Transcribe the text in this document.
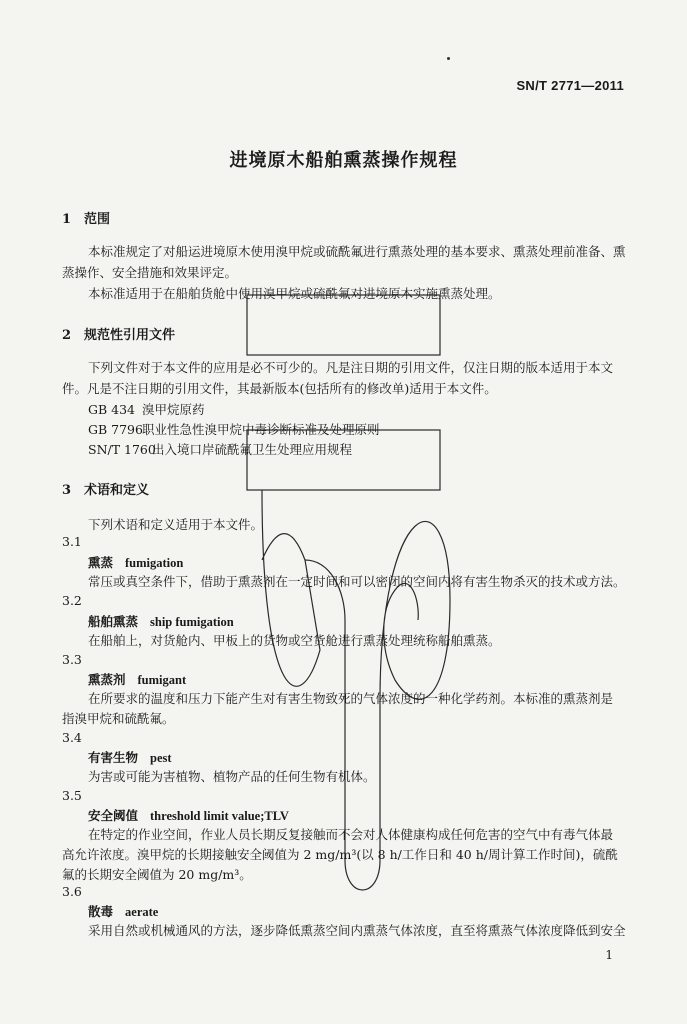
SN/T 2771—2011
进境原木船舶熏蒸操作规程
1 范围
本标准规定了对船运进境原木使用溴甲烷或硫酰氟进行熏蒸处理的基本要求、熏蒸处理前准备、熏
蒸操作、安全措施和效果评定。
本标准适用于在船舶货舱中使用溴甲烷或硫酰氟对进境原木实施熏蒸处理。
2 规范性引用文件
下列文件对于本文件的应用是必不可少的。凡是注日期的引用文件，仅注日期的版本适用于本文
件。凡是不注日期的引用文件，其最新版本(包括所有的修改单)适用于本文件。
GB 434 溴甲烷原药
GB 7796职业性急性溴甲烷中毒诊断标准及处理原则
SN/T 1760出入境口岸硫酰氟卫生处理应用规程
3 术语和定义
下列术语和定义适用于本文件。
3.1
熏蒸 fumigation
常压或真空条件下，借助于熏蒸剂在一定时间和可以密闭的空间内将有害生物杀灭的技术或方法。
3.2
船舶熏蒸 ship fumigation
在船舶上，对货舱内、甲板上的货物或空货舱进行熏蒸处理统称船舶熏蒸。
3.3
熏蒸剂 fumigant
在所要求的温度和压力下能产生对有害生物致死的气体浓度的一种化学药剂。本标准的熏蒸剂是
指溴甲烷和硫酰氟。
3.4
有害生物 pest
为害或可能为害植物、植物产品的任何生物有机体。
3.5
安全阈值 threshold limit value;TLV
在特定的作业空间，作业人员长期反复接触而不会对人体健康构成任何危害的空气中有毒气体最
高允许浓度。溴甲烷的长期接触安全阈值为 2 mg/m³(以 8 h/工作日和 40 h/周计算工作时间)，硫酰
氟的长期安全阈值为 20 mg/m³。
3.6
散毒 aerate
采用自然或机械通风的方法，逐步降低熏蒸空间内熏蒸气体浓度，直至将熏蒸气体浓度降低到安全
1
